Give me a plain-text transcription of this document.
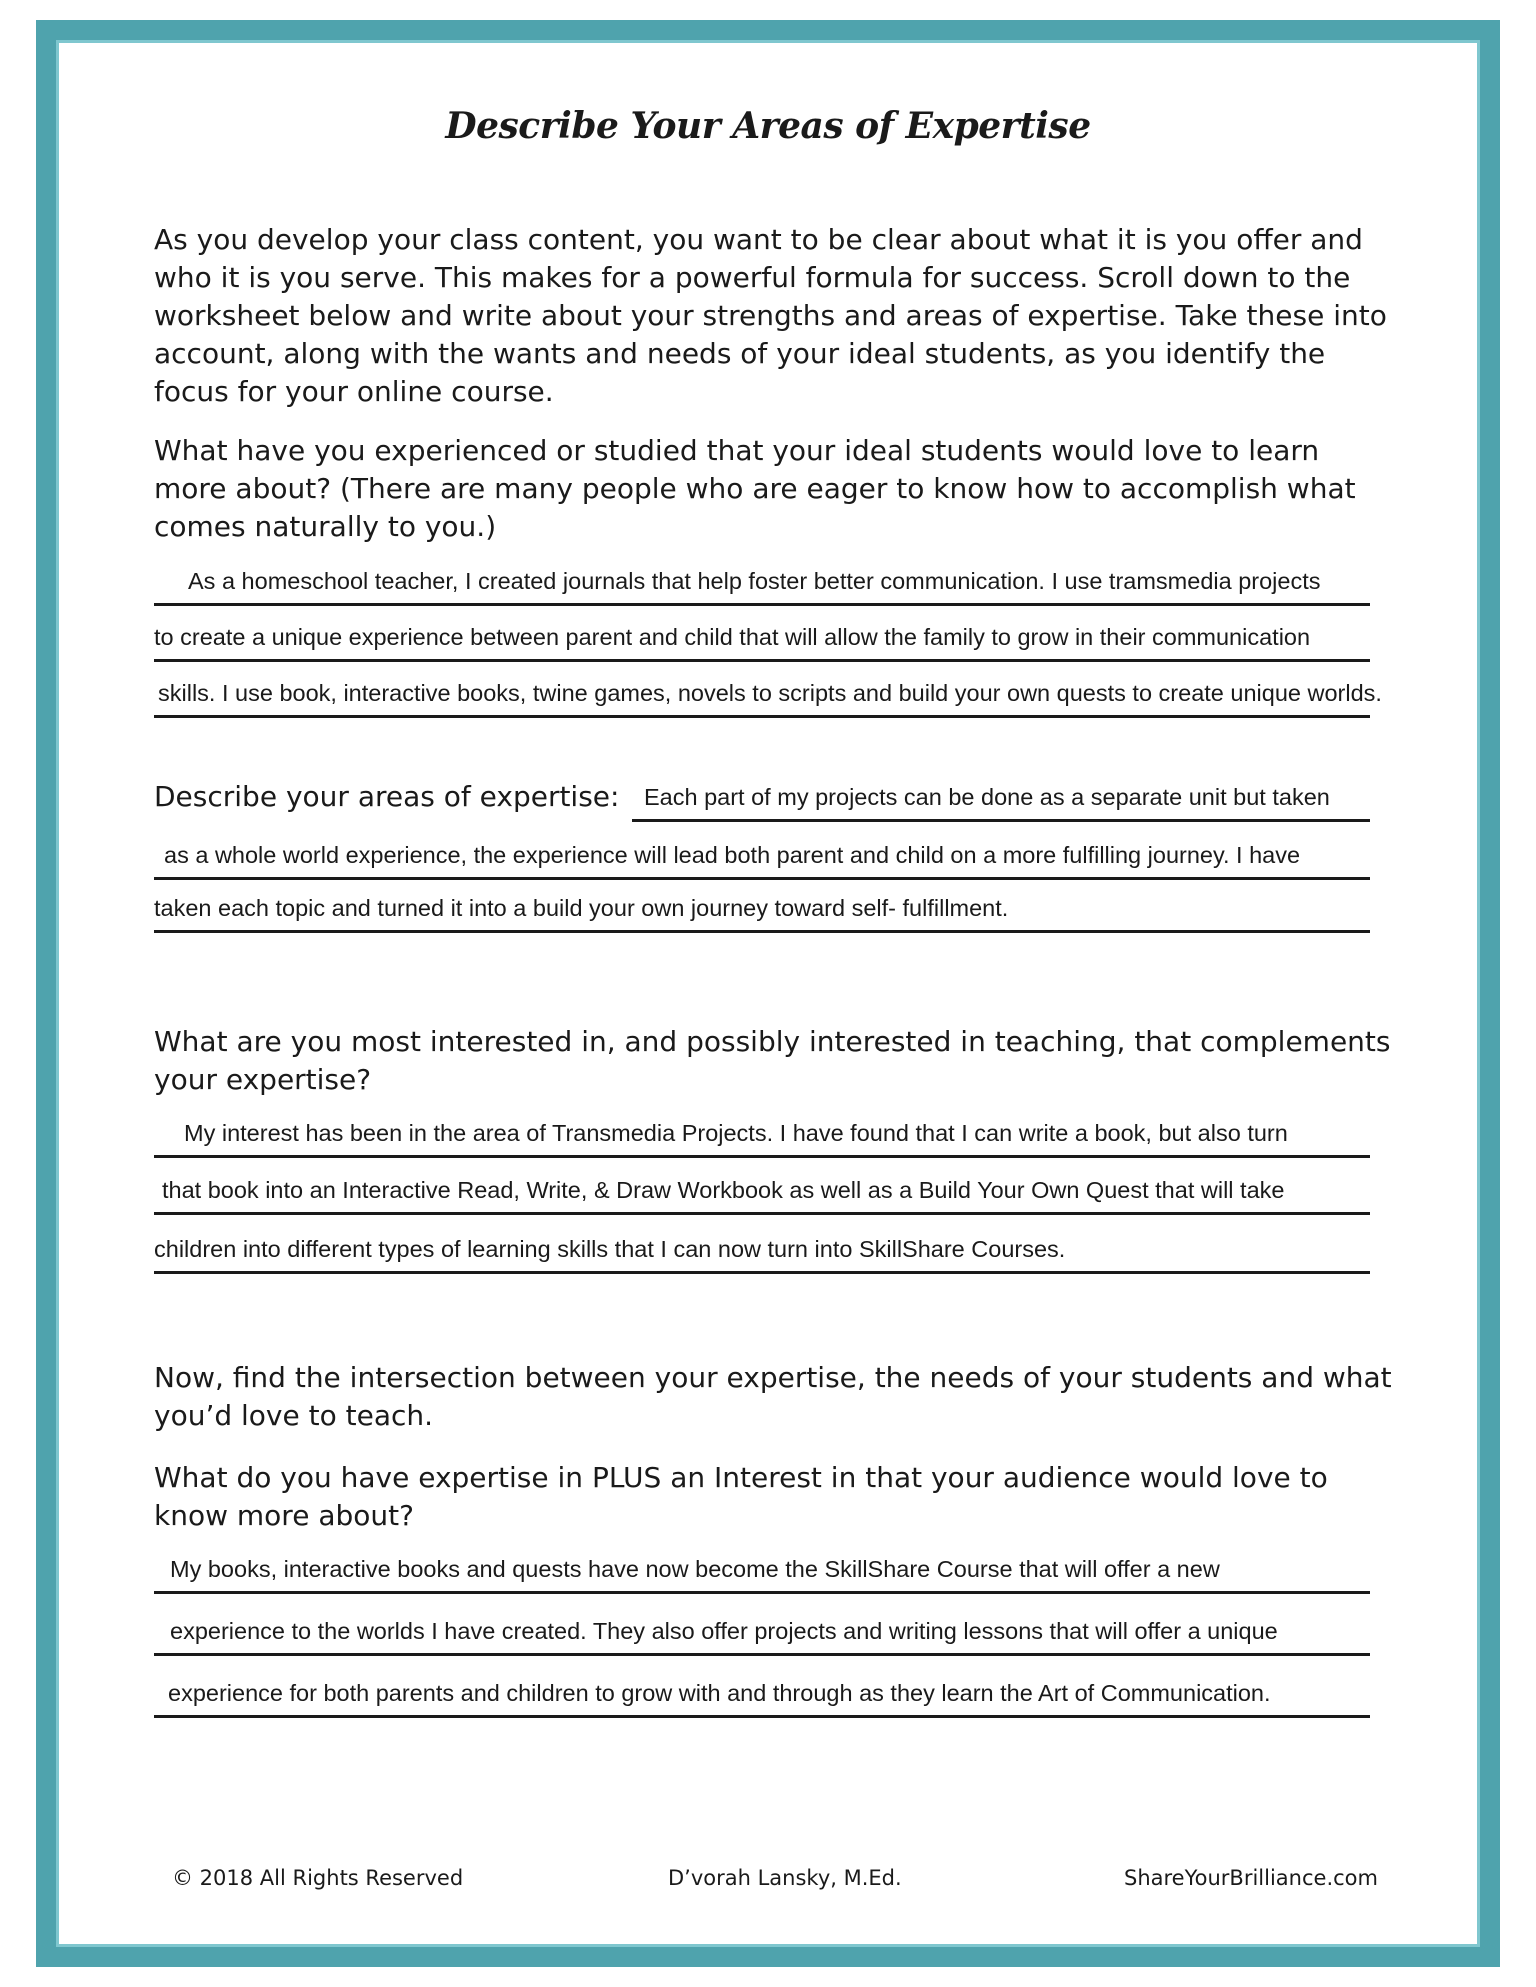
Describe Your Areas of Expertise

As you develop your class content, you want to be clear about what it is you offer and who it is you serve. This makes for a powerful formula for success. Scroll down to the worksheet below and write about your strengths and areas of expertise. Take these into account, along with the wants and needs of your ideal students, as you identify the focus for your online course.

What have you experienced or studied that your ideal students would love to learn more about? (There are many people who are eager to know how to accomplish what comes naturally to you.)

As a homeschool teacher, I created journals that help foster better communication. I use tramsmedia projects
to create a unique experience between parent and child that will allow the family to grow in their communication
skills. I use book, interactive books, twine games, novels to scripts and build your own quests to create unique worlds.
Describe your areas of expertise:	Each part of my projects can be done as a separate unit but taken
as a whole world experience, the experience will lead both parent and child on a more fulfilling journey. I have
taken each topic and turned it into a build your own journey toward self- fulfillment.

What are you most interested in, and possibly interested in teaching, that complements your expertise?

My interest has been in the area of Transmedia Projects. I have found that I can write a book, but also turn
that book into an Interactive Read, Write, & Draw Workbook as well as a Build Your Own Quest that will take
children into different types of learning skills that I can now turn into SkillShare Courses.

Now, find the intersection between your expertise, the needs of your students and what you’d love to teach.

What do you have expertise in PLUS an Interest in that your audience would love to know more about?

My books, interactive books and quests have now become the SkillShare Course that will offer a new
experience to the worlds I have created. They also offer projects and writing lessons that will offer a unique
experience for both parents and children to grow with and through as they learn the Art of Communication.
© 2018 All Rights Reserved	D’vorah Lansky, M.Ed.	ShareYourBrilliance.com
